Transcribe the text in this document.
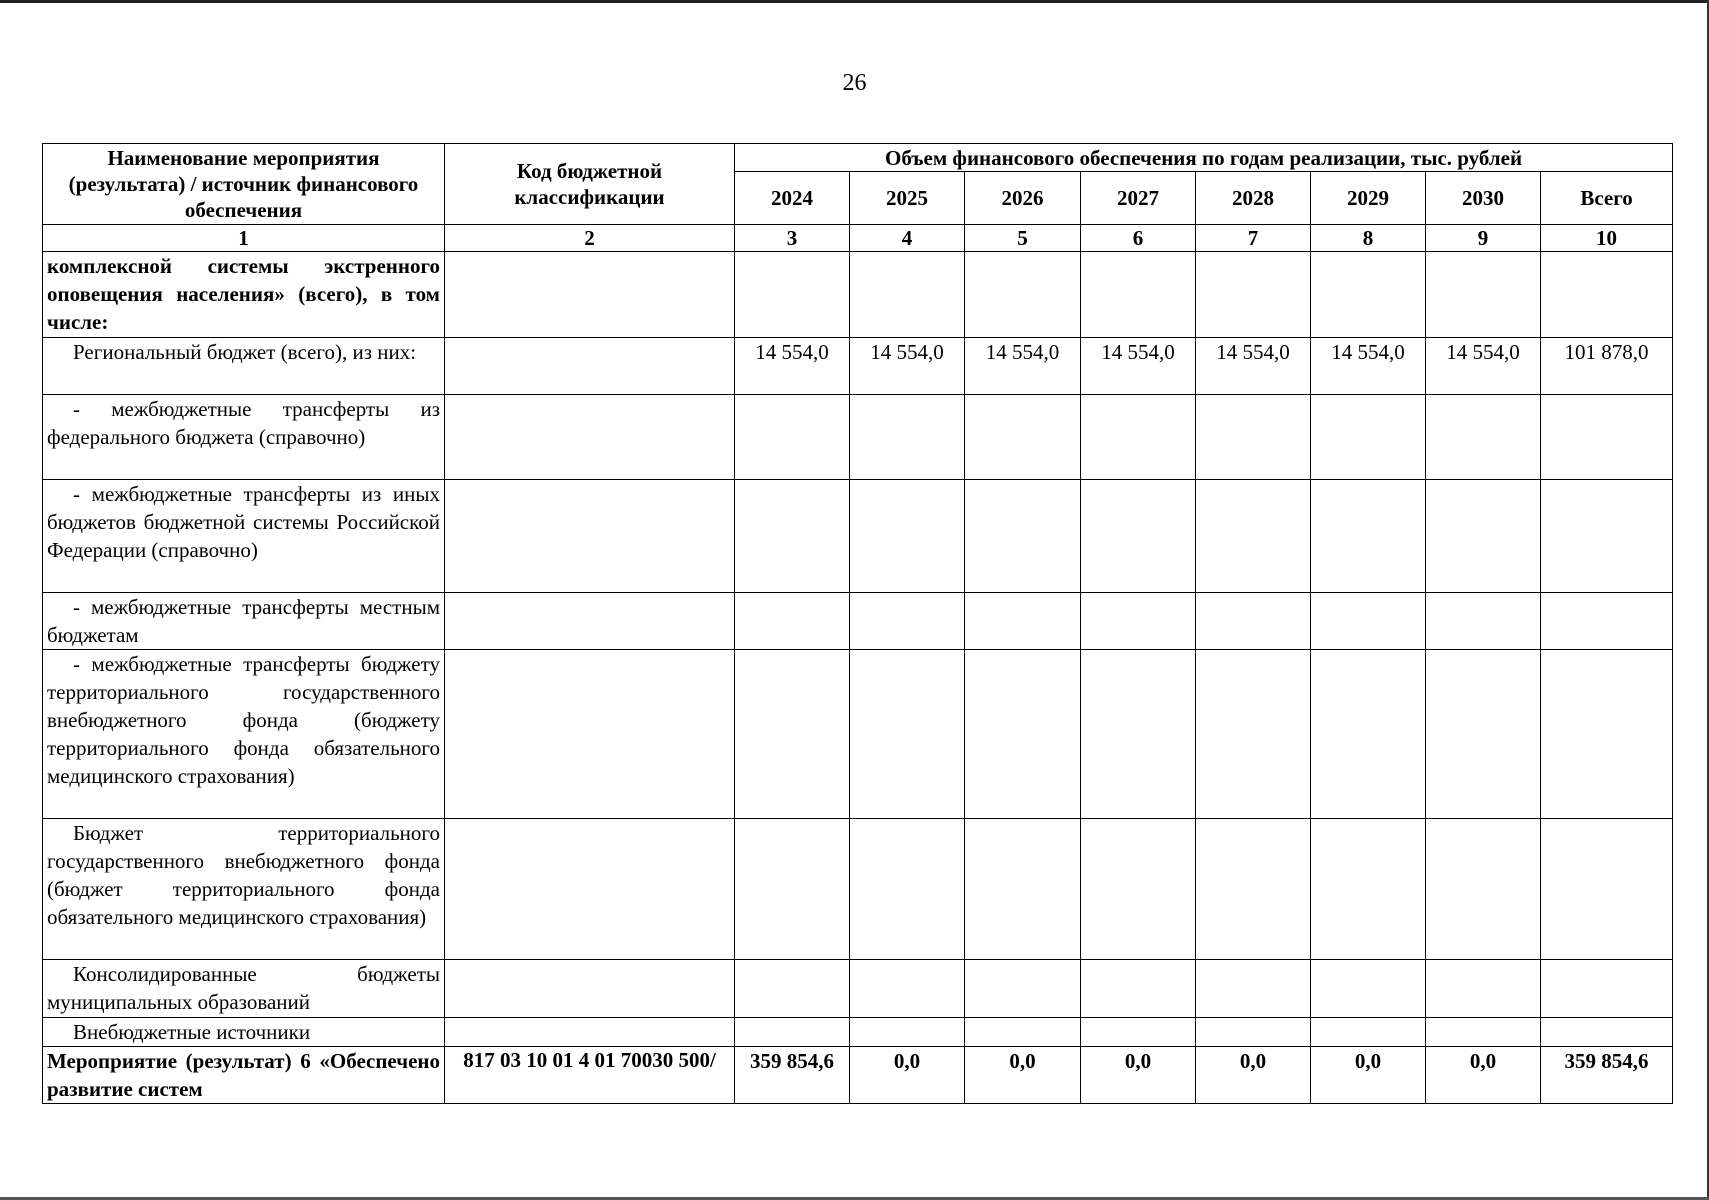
26
Наименование мероприятия (результата) / источник финансового обеспечения	Код бюджетной классификации	Объем финансового обеспечения по годам реализации, тыс. рублей							
		2024	2025	2026	2027	2028	2029	2030	Всего
1	2	3	4	5	6	7	8	9	10
комплексной системы экстренного оповещения населения» (всего), в том числе:									
Региональный бюджет (всего), из них:		14 554,0	14 554,0	14 554,0	14 554,0	14 554,0	14 554,0	14 554,0	101 878,0
- межбюджетные трансферты из федерального бюджета (справочно)									
- межбюджетные трансферты из иных бюджетов бюджетной системы Российской Федерации (справочно)									
- межбюджетные трансферты местным бюджетам									
- межбюджетные трансферты бюджету территориального государственного внебюджетного фонда (бюджету территориального фонда обязательного медицинского страхования)									
Бюджет территориального государственного внебюджетного фонда (бюджет территориального фонда обязательного медицинского страхования)									
Консолидированные бюджеты муниципальных образований									
Внебюджетные источники									
Мероприятие (результат) 6 «Обеспечено развитие систем	817 03 10 01 4 01 70030 500/	359 854,6	0,0	0,0	0,0	0,0	0,0	0,0	359 854,6
